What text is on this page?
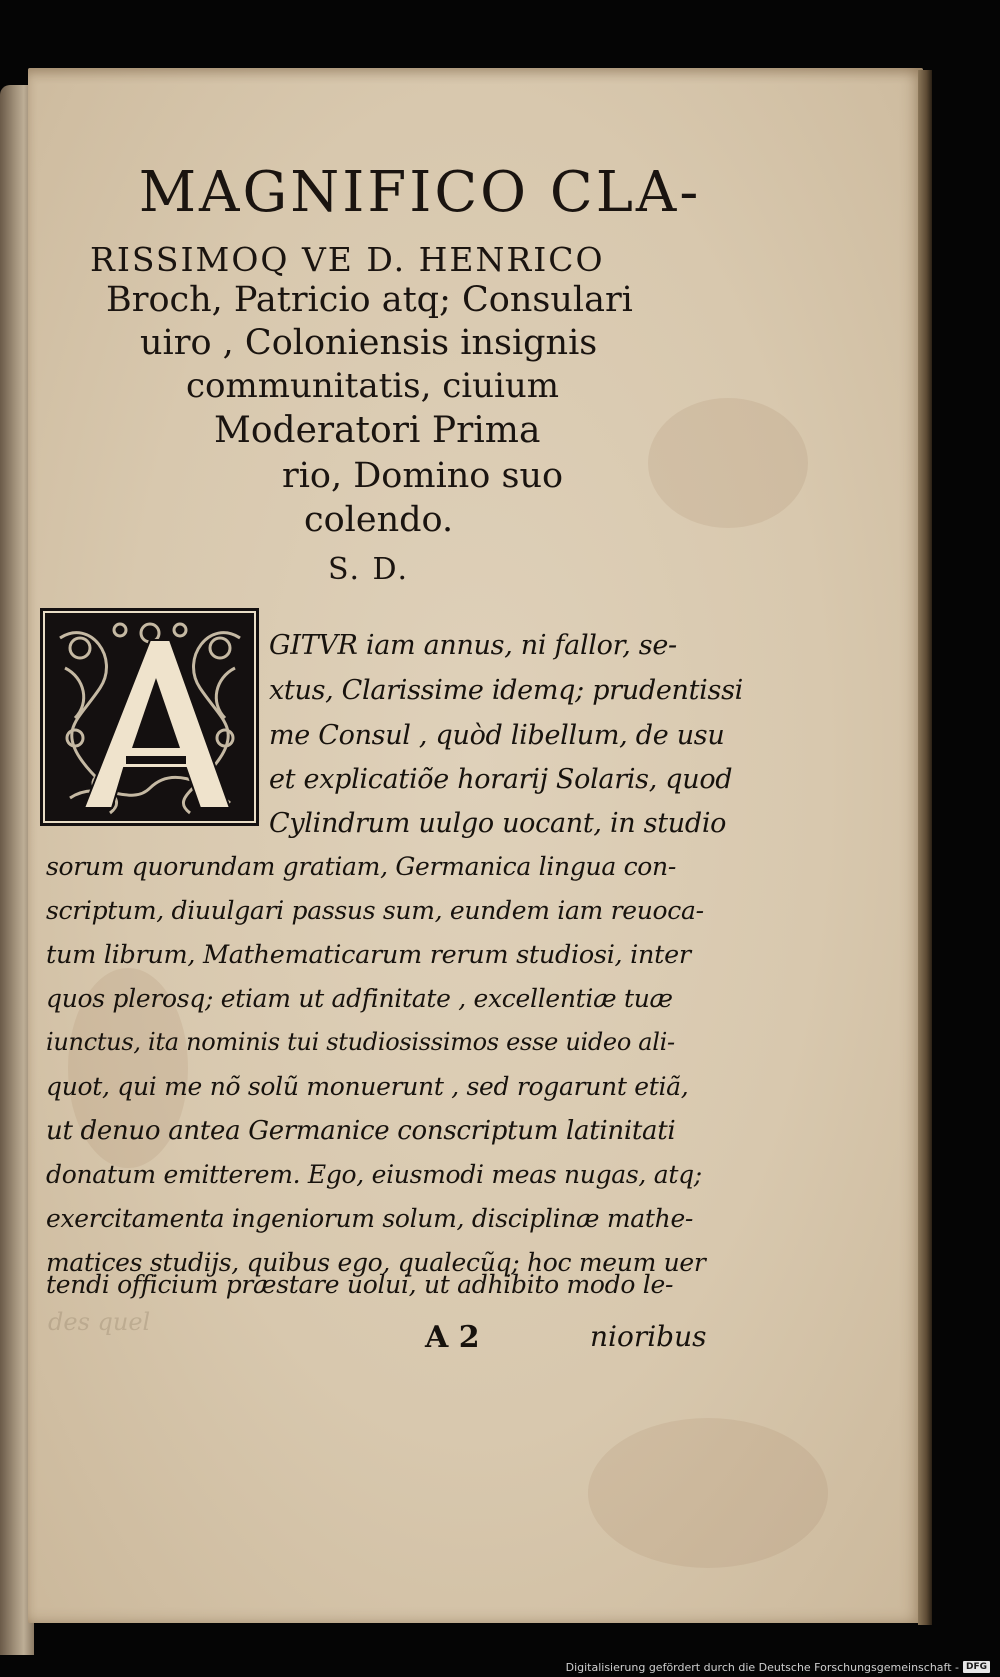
des quel
MAGNIFICO CLA-
RISSIMOQ VE D. HENRICO
Broch, Patricio atq; Consulari
uiro , Coloniensis insignis
communitatis, ciuium
Moderatori Prima
rio, Domino suo
colendo.
S. D.
GITVR iam annus, ni fallor, se-
xtus, Clarissime idemq; prudentissi
me Consul , quòd libellum, de usu
et explicatiõe horarij Solaris, quod
Cylindrum uulgo uocant, in studio
sorum quorundam gratiam, Germanica lingua con-
scriptum, diuulgari passus sum, eundem iam reuoca-
tum librum, Mathematicarum rerum studiosi, inter
quos plerosq; etiam ut adfinitate , excellentiæ tuæ
iunctus, ita nominis tui studiosissimos esse uideo ali-
quot, qui me nõ solũ monuerunt , sed rogarunt etiã,
ut denuo antea Germanice conscriptum latinitati
donatum emitterem. Ego, eiusmodi meas nugas, atq;
exercitamenta ingeniorum solum, disciplinæ mathe-
matices studijs, quibus ego, qualecũq; hoc meum uer
tendi officium præstare uolui, ut adhibito modo le-
A 2	nioribus
Digitalisierung gefördert durch die Deutsche Forschungsgemeinschaft - DFG
